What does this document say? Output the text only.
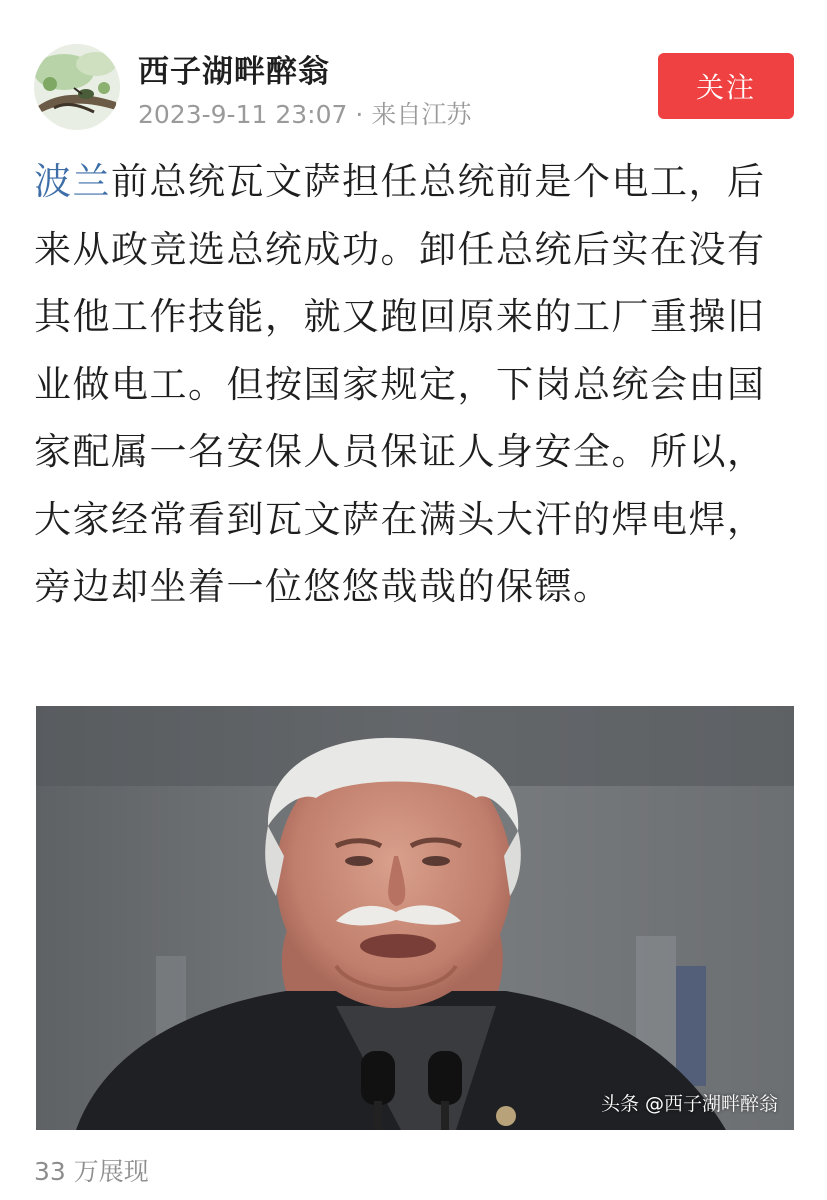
西子湖畔醉翁
2023-9-11 23:07 · 来自江苏
关注

波兰前总统瓦文萨担任总统前是个电工，后来从政竞选总统成功。卸任总统后实在没有其他工作技能，就又跑回原来的工厂重操旧业做电工。但按国家规定，下岗总统会由国家配属一名安保人员保证人身安全。所以，大家经常看到瓦文萨在满头大汗的焊电焊，旁边却坐着一位悠悠哉哉的保镖。

头条 @西子湖畔醉翁
33 万展现
